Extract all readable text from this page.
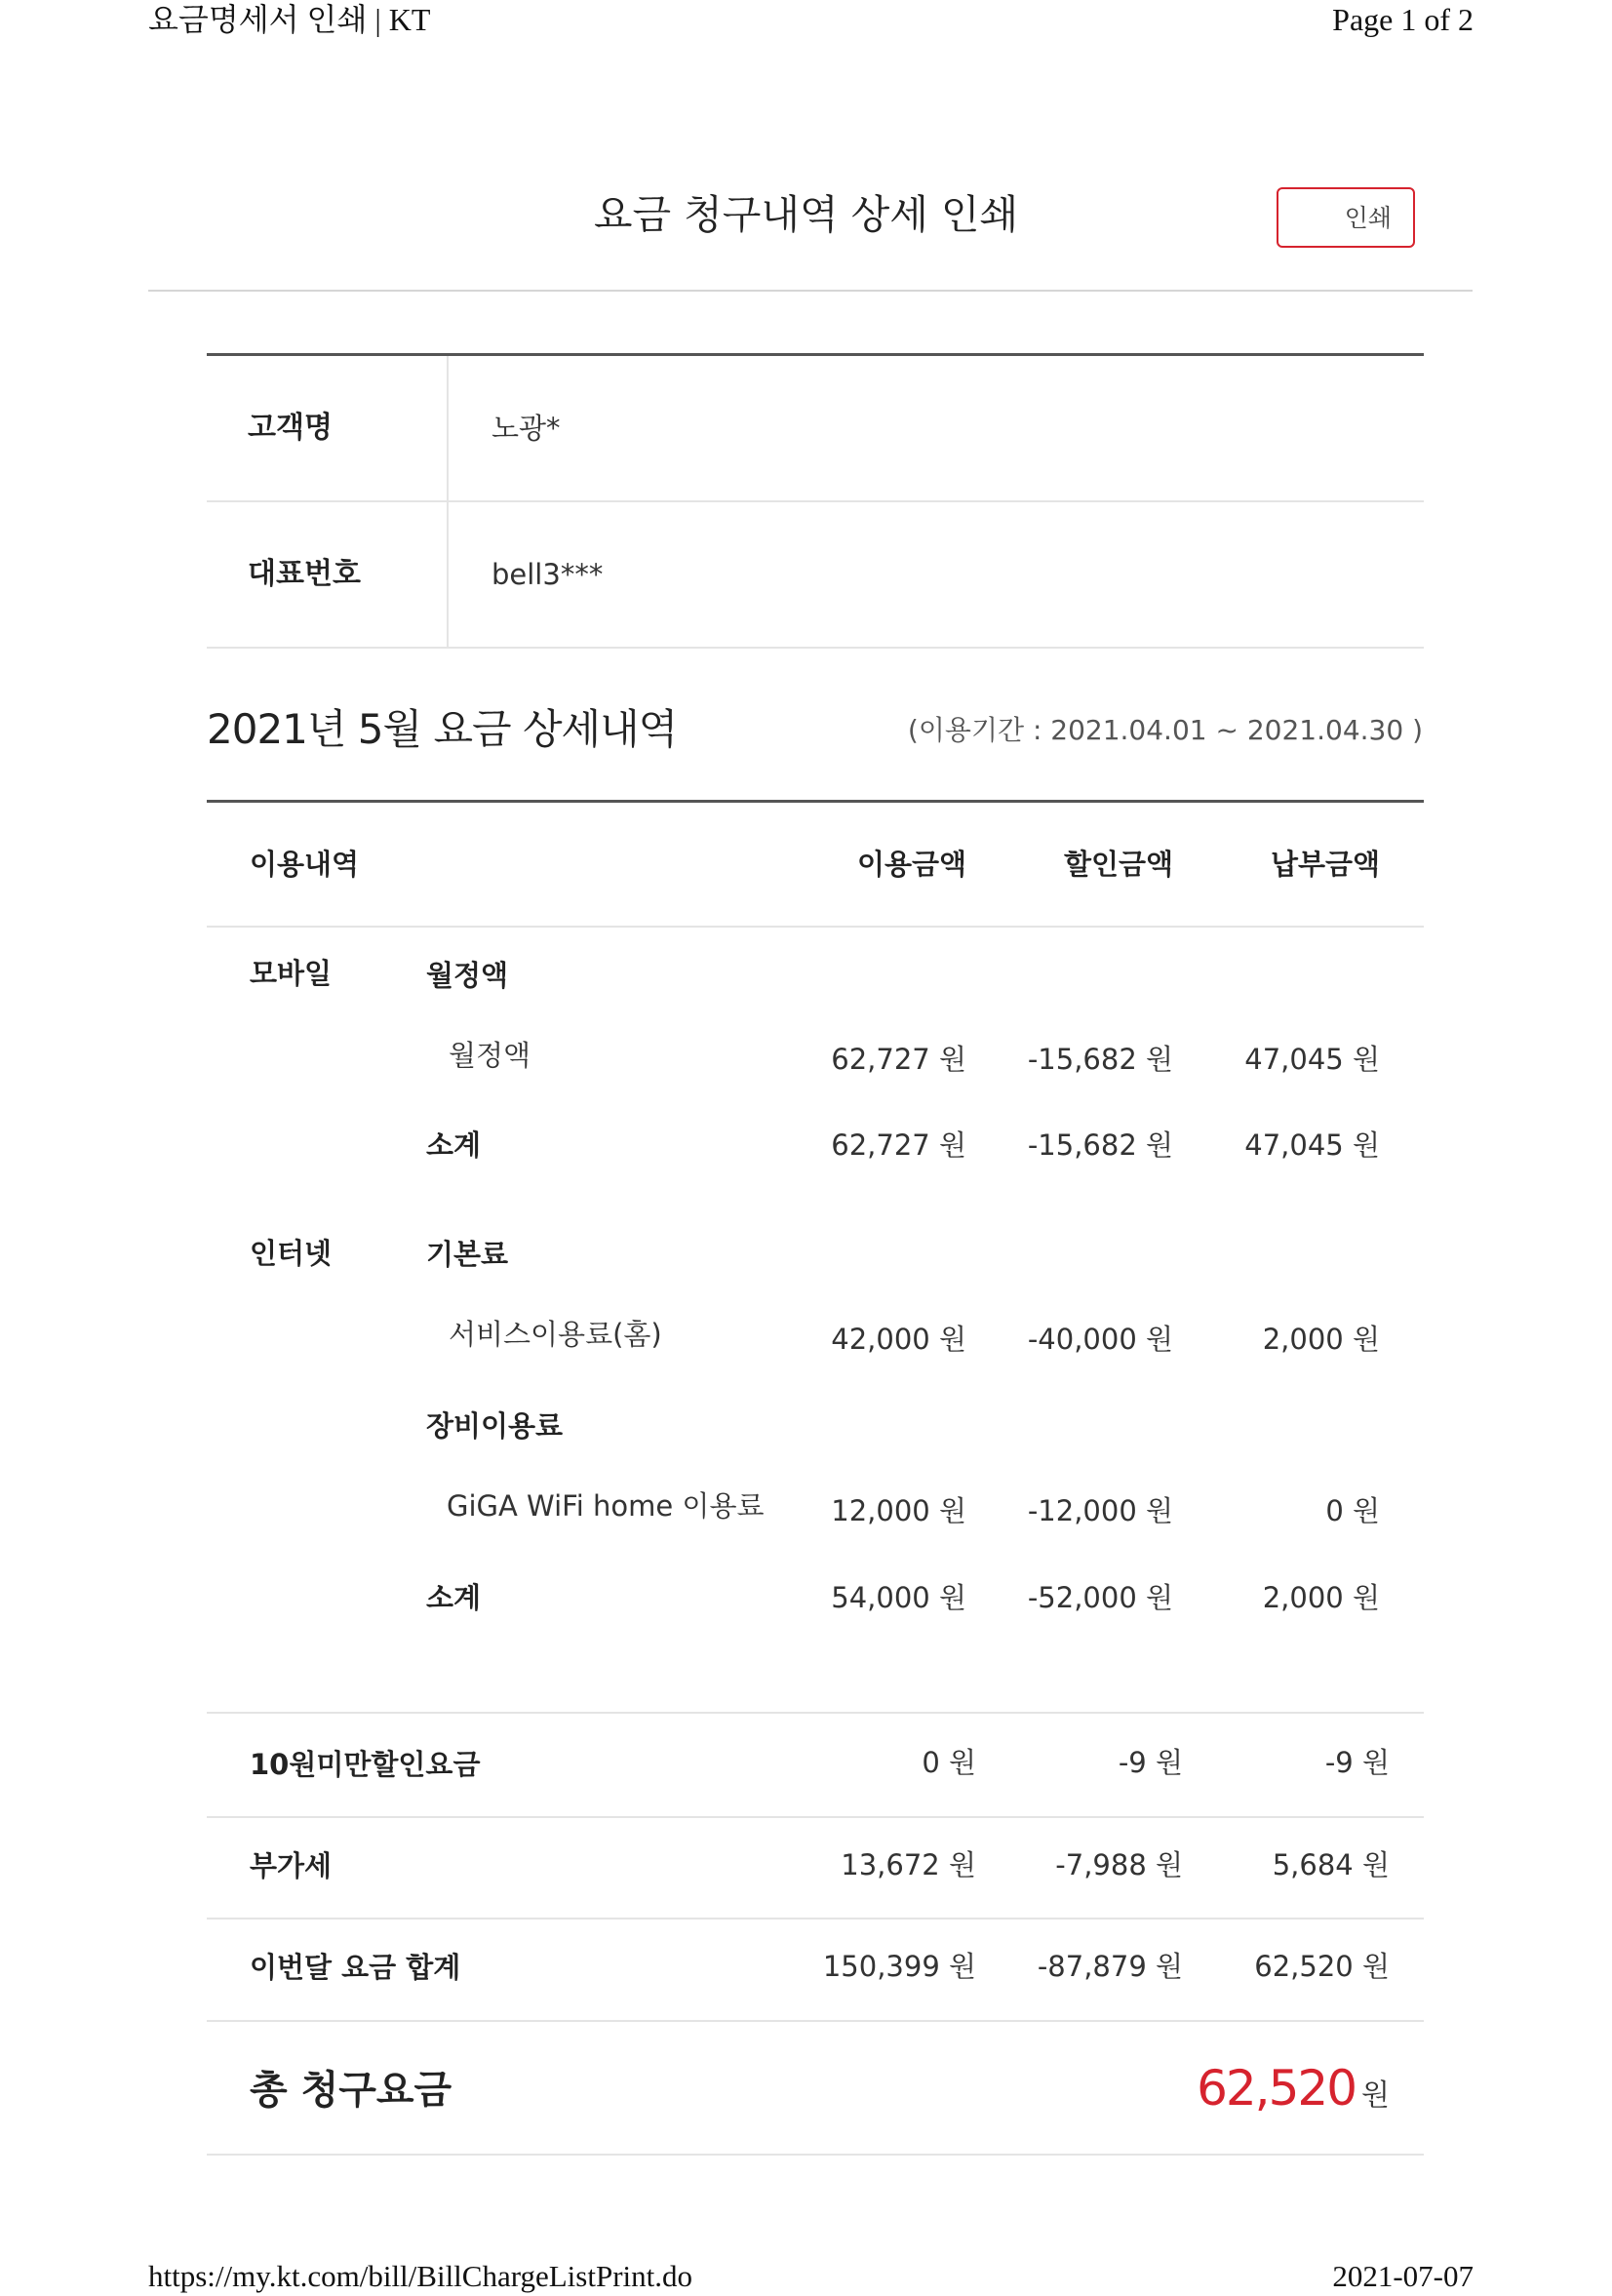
요금명세서 인쇄 | KT	Page 1 of 2
요금 청구내역 상세 인쇄	인쇄
고객명	노광*
대표번호	bell3***
2021년 5월 요금 상세내역	(이용기간 : 2021.04.01 ~ 2021.04.30 )
이용내역	이용금액	할인금액	납부금액
모바일	월정액
월정액	62,727 원 -15,682 원	47,045 원
소계	62,727 원 -15,682 원	47,045 원
인터넷	기본료
서비스이용료(홈)	42,000 원 -40,000 원	2,000 원
장비이용료
GiGA WiFi home 이용료 12,000 원 -12,000 원	0 원
소계	54,000 원 -52,000 원	2,000 원
10원미만할인요금	0 원	-9 원	-9 원
부가세	13,672 원	-7,988 원	5,684 원
이번달 요금 합계	150,399 원 -87,879 원	62,520 원
총 청구요금	62,520 원
https://my.kt.com/bill/BillChargeListPrint.do	2021-07-07
